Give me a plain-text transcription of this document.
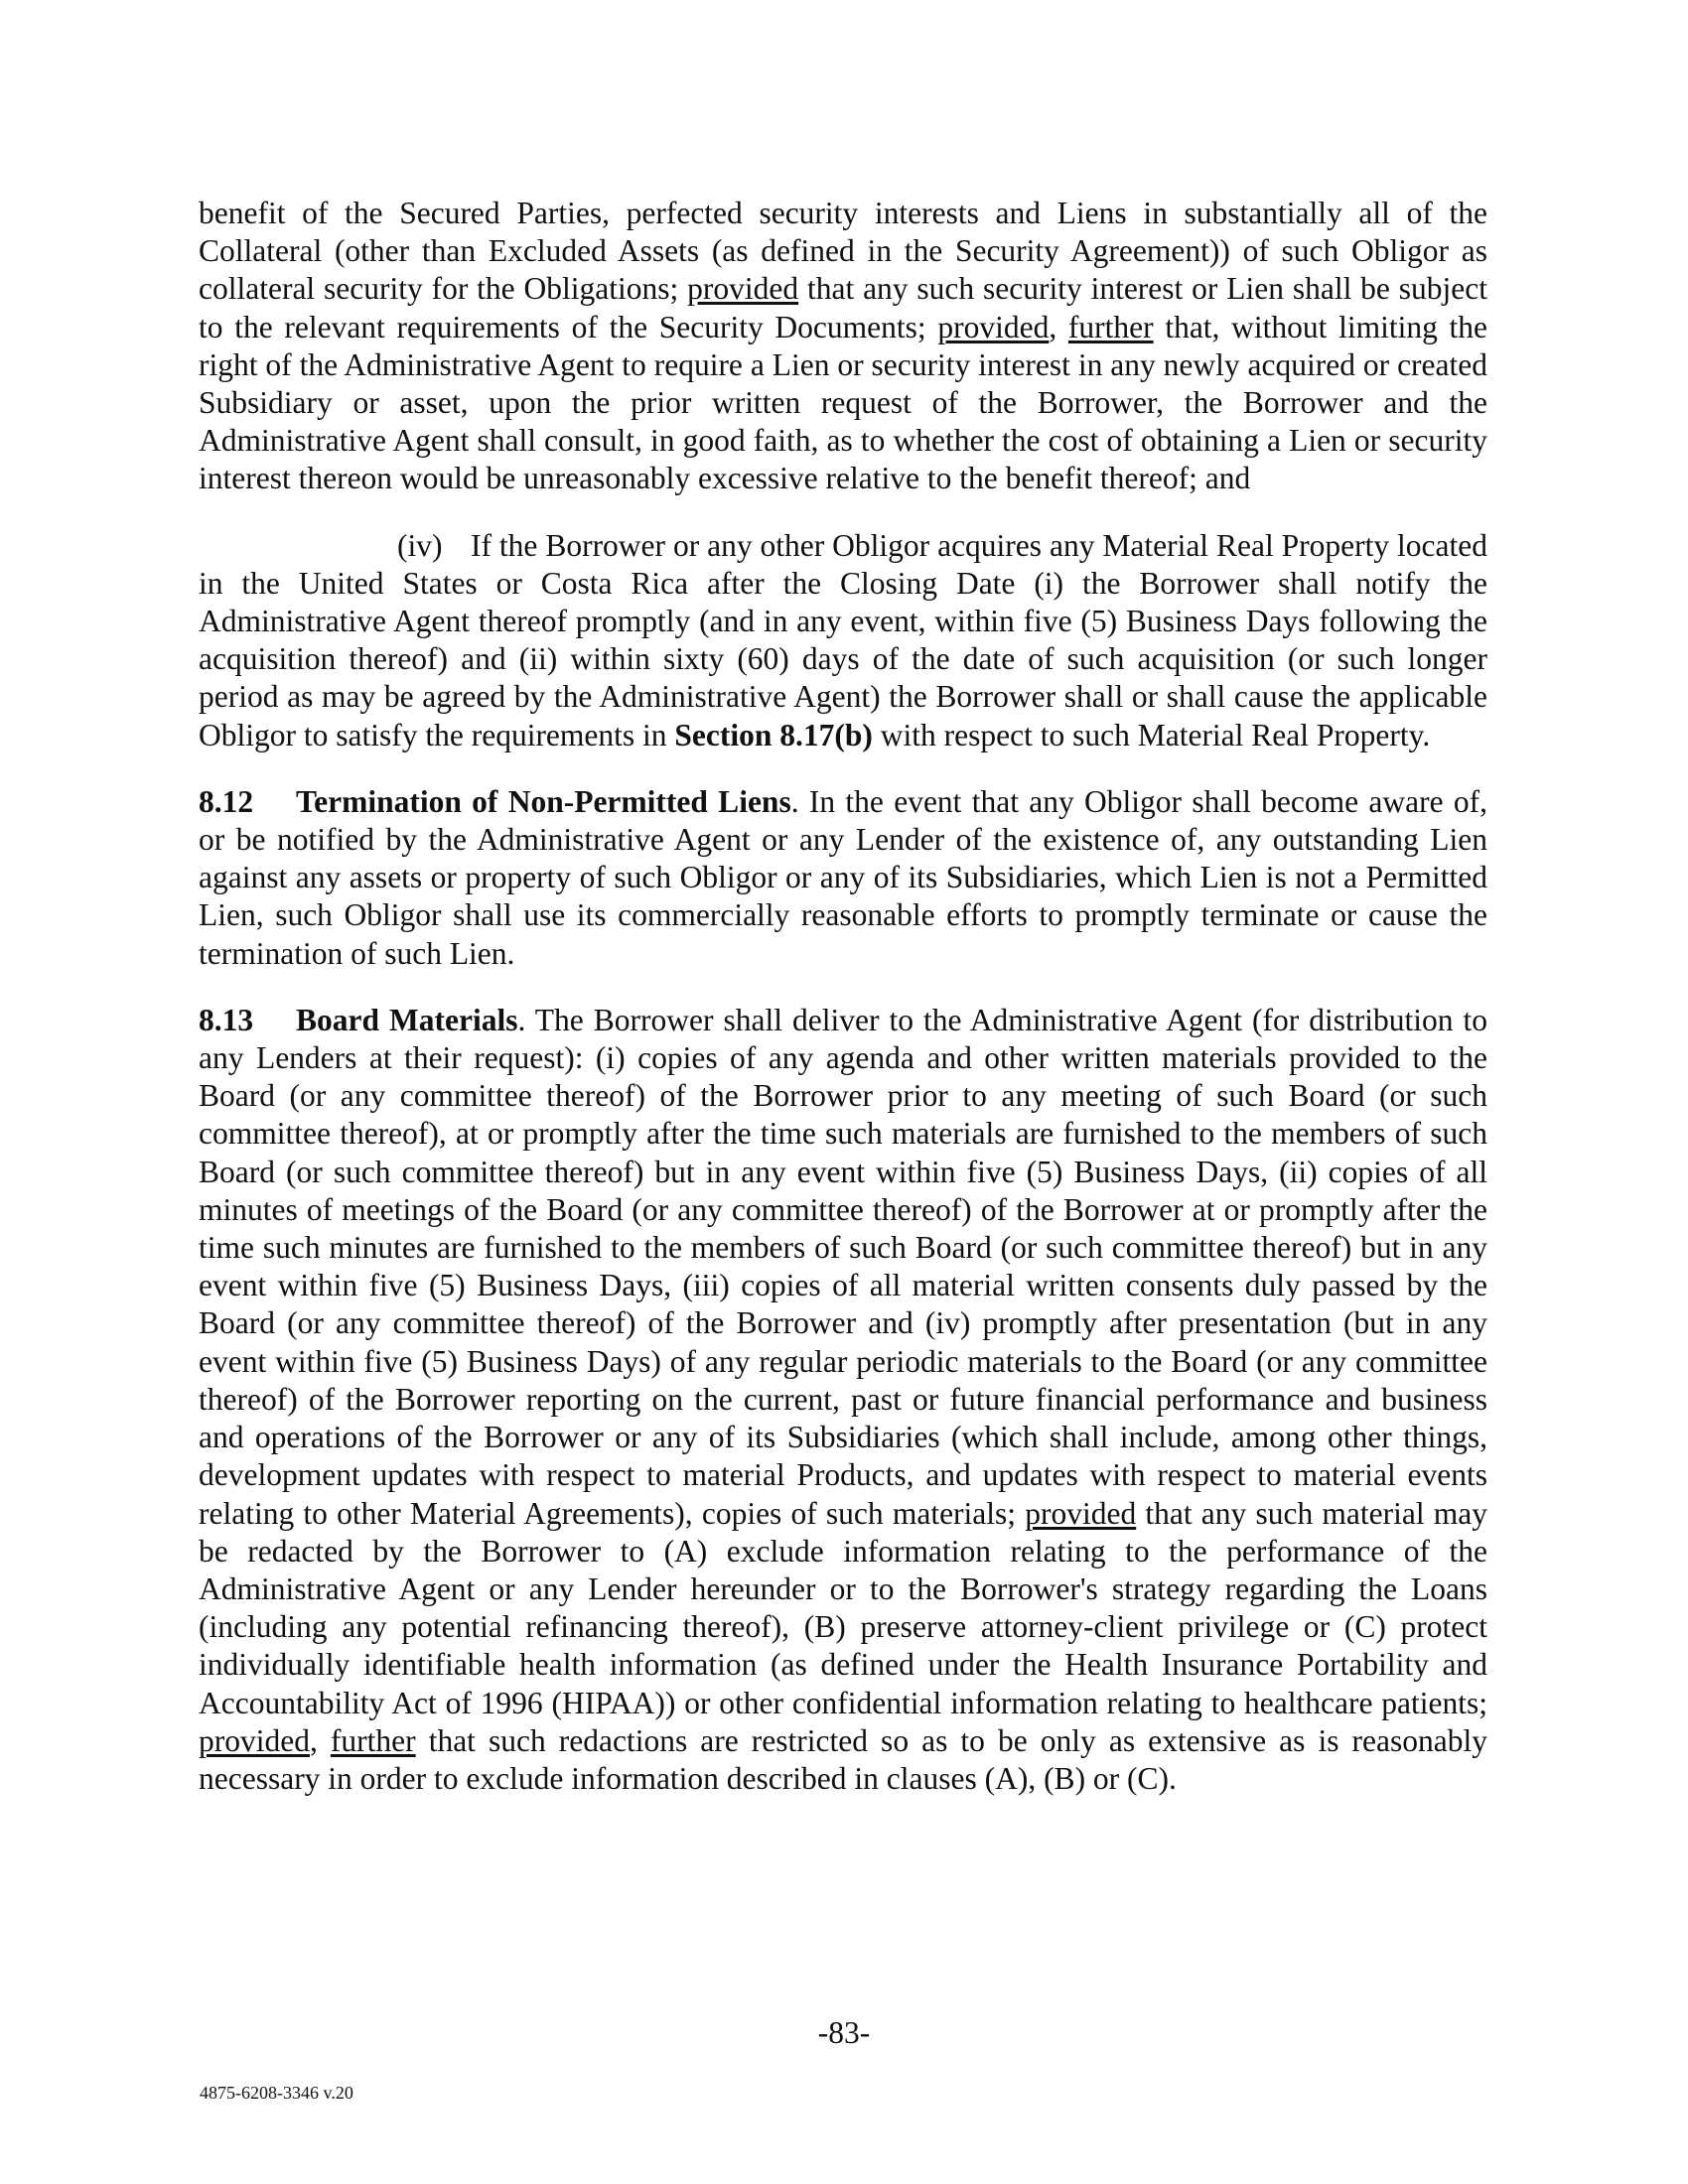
benefit of the Secured Parties, perfected security interests and Liens in substantially all of the Collateral (other than Excluded Assets (as defined in the Security Agreement)) of such Obligor as collateral security for the Obligations; provided that any such security interest or Lien shall be subject to the relevant requirements of the Security Documents; provided, further that, without limiting the right of the Administrative Agent to require a Lien or security interest in any newly acquired or created Subsidiary or asset, upon the prior written request of the Borrower, the Borrower and the Administrative Agent shall consult, in good faith, as to whether the cost of obtaining a Lien or security interest thereon would be unreasonably excessive relative to the benefit thereof; and

(iv) If the Borrower or any other Obligor acquires any Material Real Property located in the United States or Costa Rica after the Closing Date (i) the Borrower shall notify the Administrative Agent thereof promptly (and in any event, within five (5) Business Days following the acquisition thereof) and (ii) within sixty (60) days of the date of such acquisition (or such longer period as may be agreed by the Administrative Agent) the Borrower shall or shall cause the applicable Obligor to satisfy the requirements in Section 8.17(b) with respect to such Material Real Property.

8.12 Termination of Non-Permitted Liens. In the event that any Obligor shall become aware of, or be notified by the Administrative Agent or any Lender of the existence of, any outstanding Lien against any assets or property of such Obligor or any of its Subsidiaries, which Lien is not a Permitted Lien, such Obligor shall use its commercially reasonable efforts to promptly terminate or cause the termination of such Lien.

8.13 Board Materials. The Borrower shall deliver to the Administrative Agent (for distribution to any Lenders at their request): (i) copies of any agenda and other written materials provided to the Board (or any committee thereof) of the Borrower prior to any meeting of such Board (or such committee thereof), at or promptly after the time such materials are furnished to the members of such Board (or such committee thereof) but in any event within five (5) Business Days, (ii) copies of all minutes of meetings of the Board (or any committee thereof) of the Borrower at or promptly after the time such minutes are furnished to the members of such Board (or such committee thereof) but in any event within five (5) Business Days, (iii) copies of all material written consents duly passed by the Board (or any committee thereof) of the Borrower and (iv) promptly after presentation (but in any event within five (5) Business Days) of any regular periodic materials to the Board (or any committee thereof) of the Borrower reporting on the current, past or future financial performance and business and operations of the Borrower or any of its Subsidiaries (which shall include, among other things, development updates with respect to material Products, and updates with respect to material events relating to other Material Agreements), copies of such materials; provided that any such material may be redacted by the Borrower to (A) exclude information relating to the performance of the Administrative Agent or any Lender hereunder or to the Borrower's strategy regarding the Loans (including any potential refinancing thereof), (B) preserve attorney-client privilege or (C) protect individually identifiable health information (as defined under the Health Insurance Portability and Accountability Act of 1996 (HIPAA)) or other confidential information relating to healthcare patients; provided, further that such redactions are restricted so as to be only as extensive as is reasonably necessary in order to exclude information described in clauses (A), (B) or (C).

-83-
4875-6208-3346 v.20
